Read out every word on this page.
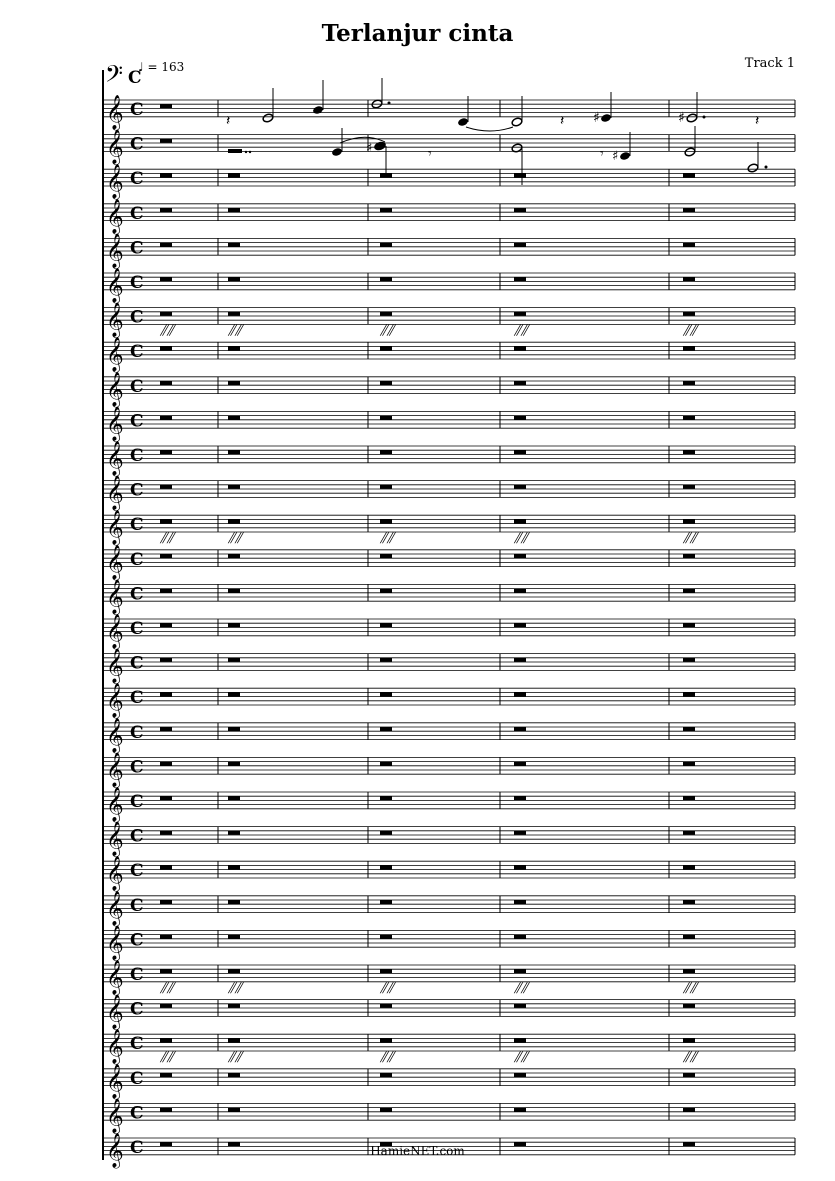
Terlanjur cinta
Track 1
♩ = 163
𝄢 C
𝄞 C
𝄞 C
𝄞 C
𝄞 C
𝄞 C
𝄞 C
𝄞 C
⫽⫽	⫽⫽	⫽⫽	⫽⫽	⫽⫽
𝄞 C
𝄞 C
𝄞 C
𝄞 C
𝄞 C
𝄞 C
⫽⫽	⫽⫽	⫽⫽	⫽⫽	⫽⫽
𝄞 C
𝄞 C
𝄞 C
𝄞 C
𝄞 C
𝄞 C
𝄞 C
𝄞 C
𝄞 C
𝄞 C
𝄞 C
𝄞 C
𝄞 C
⫽⫽	⫽⫽	⫽⫽	⫽⫽	⫽⫽
𝄞 C
𝄞 C
⫽⫽	⫽⫽	⫽⫽	⫽⫽	⫽⫽
𝄞 C
𝄞 C
𝄞 C
𝄽	𝄽 ♯	♯	𝄽
♯	𝄾	𝄾 ♯
HamieNET.com
